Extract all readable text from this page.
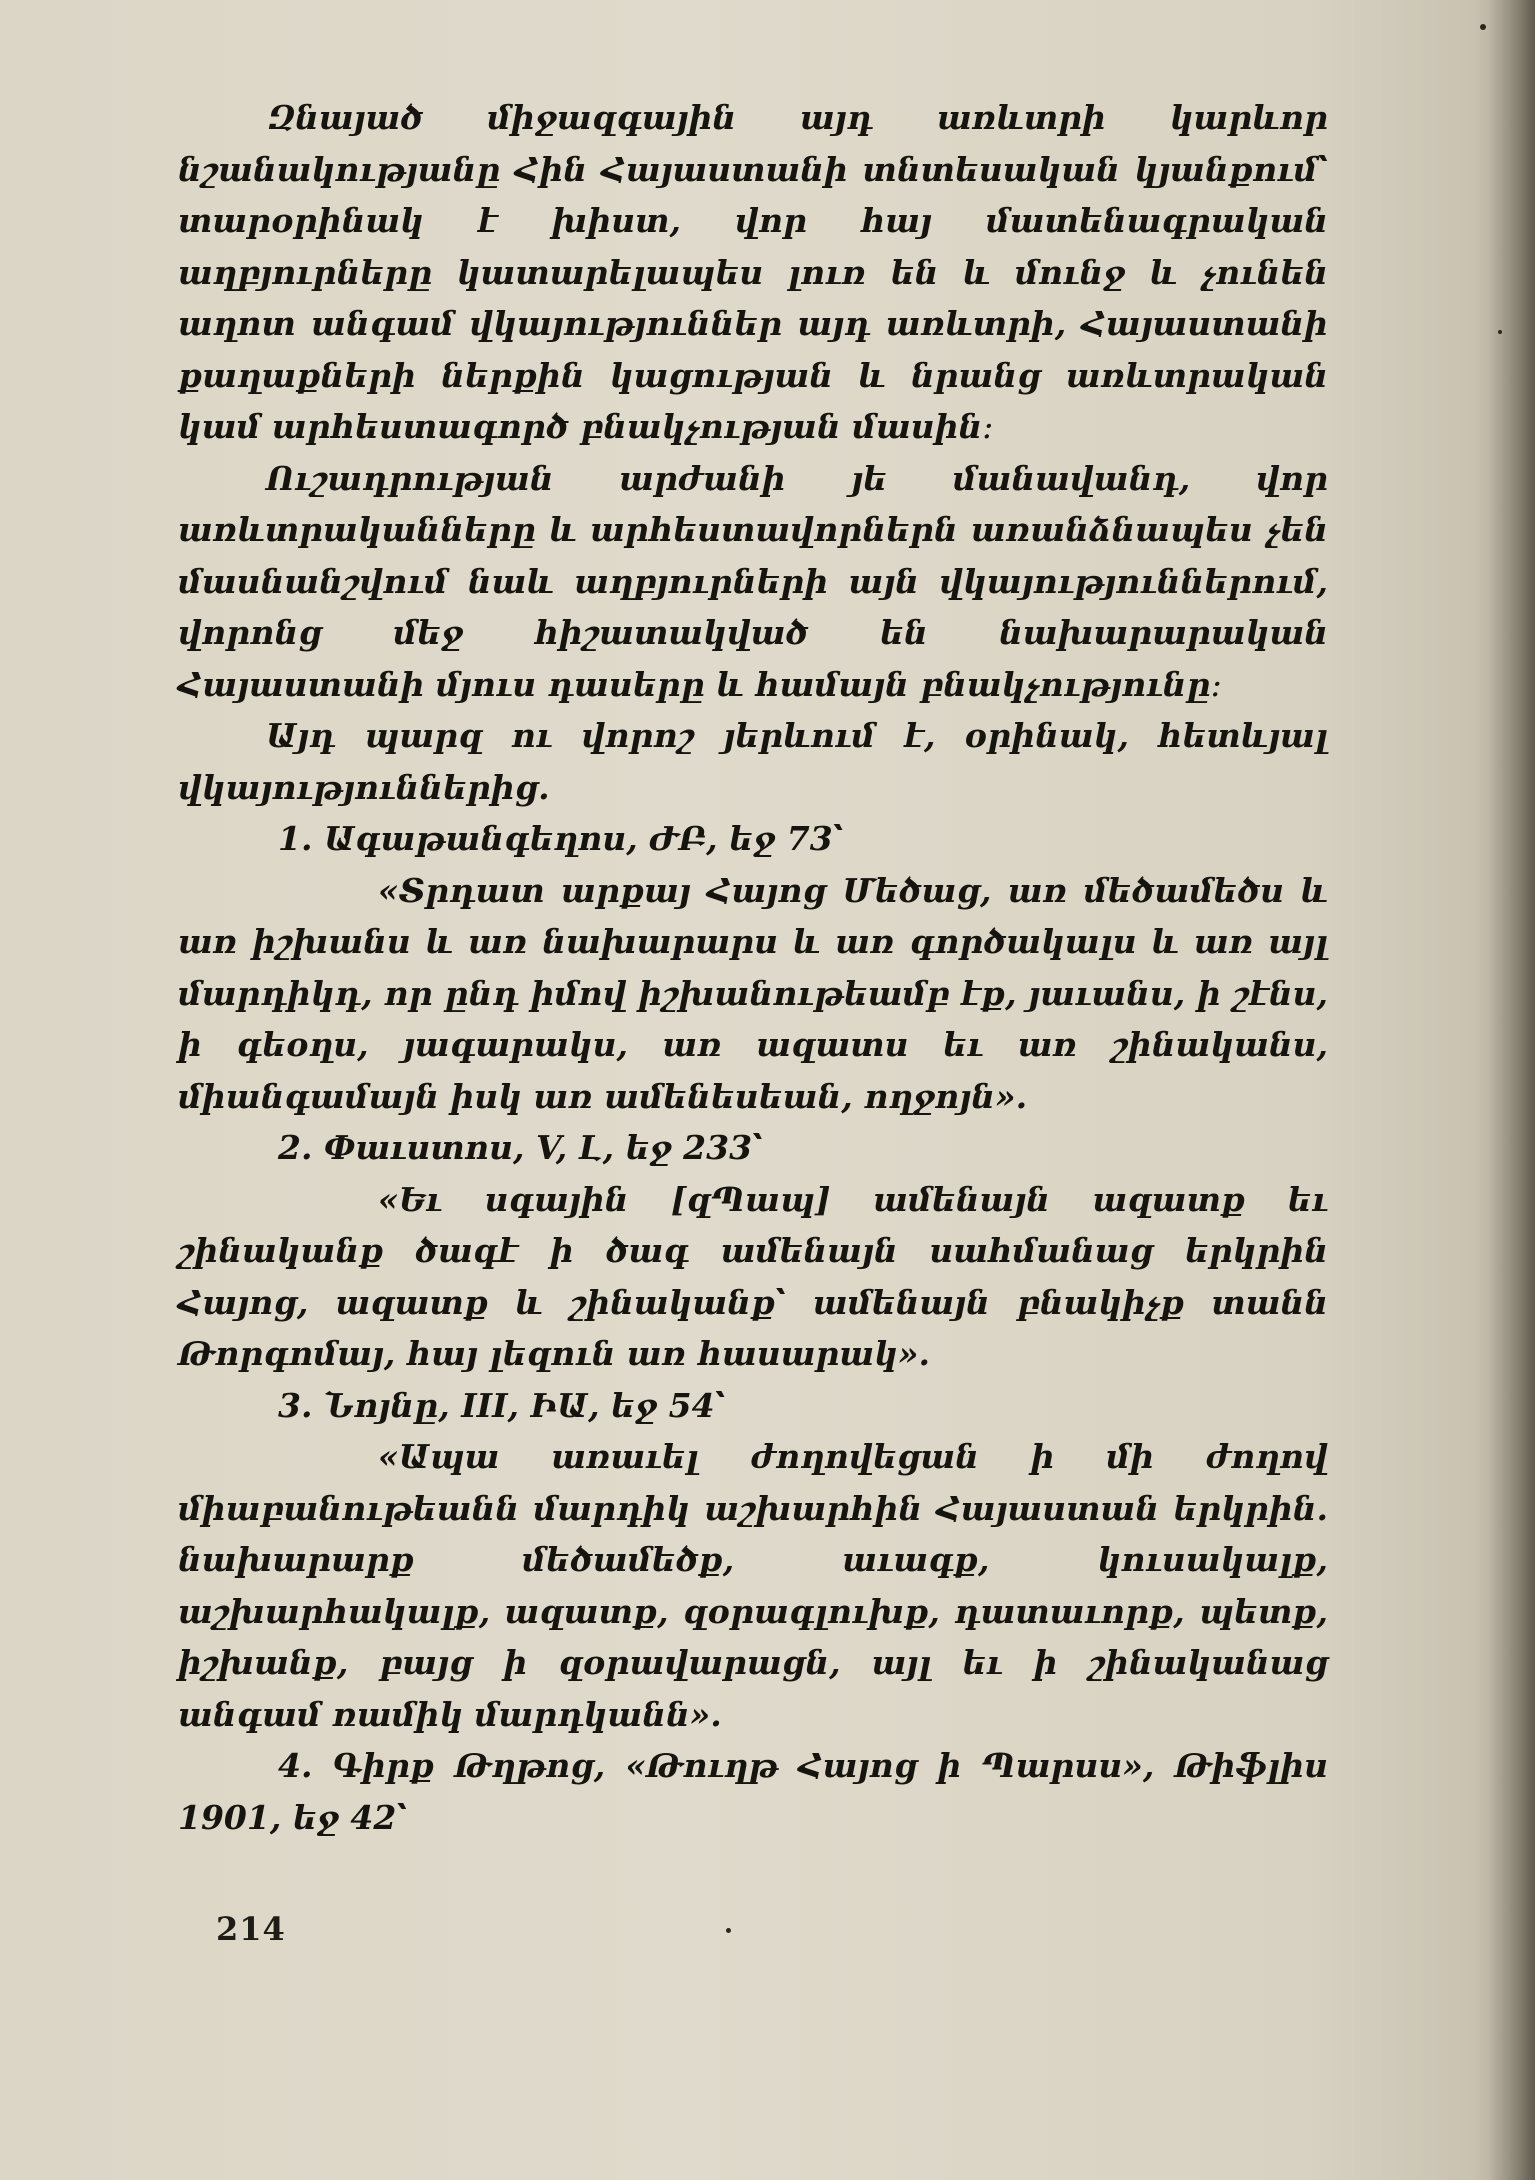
Զնայած միջազգային այդ առևտրի կարևոր նշանակությանը Հին Հայաստանի տնտեսական կյանքում՝ տարօրինակ է խիստ, վոր հայ մատենագրական աղբյուրները կատարելապես լուռ են և մունջ և չունեն աղոտ անգամ վկայություններ այդ առևտրի, Հայաստանի քաղաքների ներքին կացության և նրանց առևտրական կամ արհեստագործ բնակչության մասին։

Ուշադրության արժանի յե մանավանդ, վոր առևտրականները և արհեստավորներն առանձնապես չեն մասնանշվում նաև աղբյուրների այն վկայություններում, վորոնց մեջ հիշատակված են նախարարական Հայաստանի մյուս դասերը և համայն բնակչությունը։

Այդ պարզ ու վորոշ յերևում է, օրինակ, հետևյալ վկայություններից.

1. Ագաթանգեղոս, ԺԲ, եջ 73՝

«Տրդատ արքայ Հայոց Մեծաց, առ մեծամեծս և առ իշխանս և առ նախարարս և առ գործակալս և առ այլ մարդիկդ, որ ընդ իմով իշխանութեամբ էք, յաւանս, ի շէնս, ի գեօղս, յագարակս, առ ազատս եւ առ շինականս, միանգամայն իսկ առ ամենեսեան, ողջոյն».

2. Փաւստոս, V, Լ, եջ 233՝

«Եւ սգային [զՊապ] ամենայն ազատք եւ շինականք ծագէ ի ծագ ամենայն սահմանաց երկրին Հայոց, ազատք և շինականք՝ ամենայն բնակիչք տանն Թորգոմայ, հայ լեզուն առ հասարակ».

3. Նոյնը, III, ԻԱ, եջ 54՝

«Ապա առաւել ժողովեցան ի մի ժողով միաբանութեանն մարդիկ աշխարհին Հայաստան երկրին. նախարարք մեծամեծք, աւագք, կուսակալք, աշխարհակալք, ազատք, զօրագլուխք, դատաւորք, պետք, իշխանք, բայց ի զօրավարացն, այլ եւ ի շինականաց անգամ ռամիկ մարդկանն».

4. Գիրք Թղթոց, «Թուղթ Հայոց ի Պարսս», Թիֆլիս 1901, եջ 42՝

214
